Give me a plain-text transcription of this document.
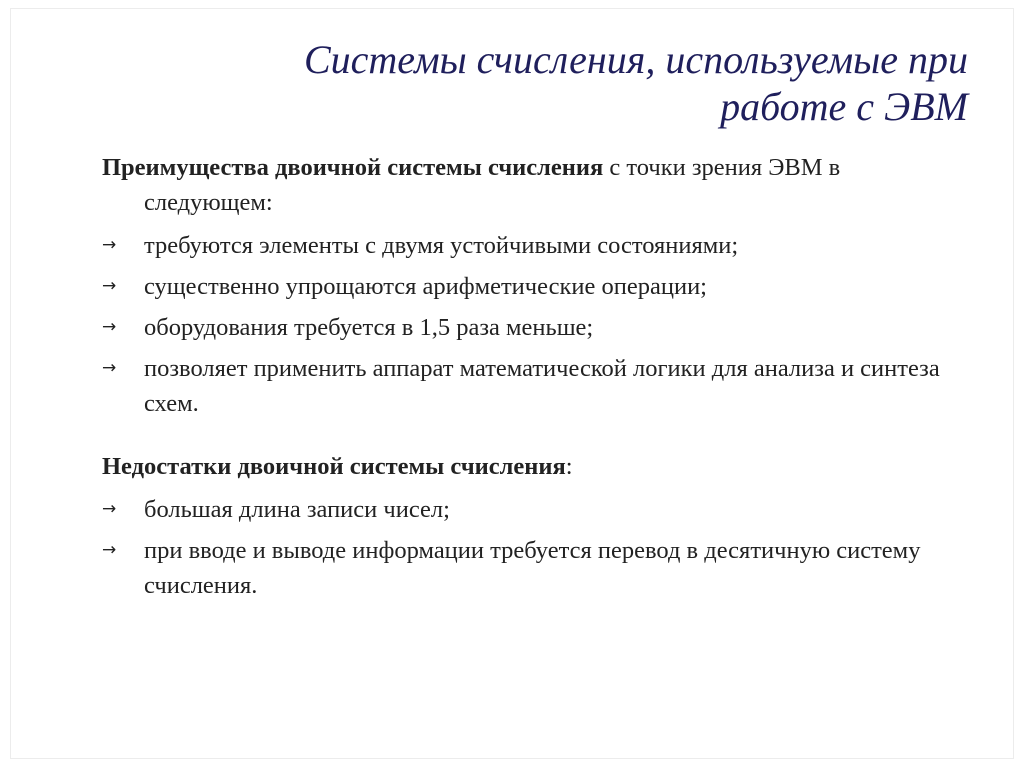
Системы счисления, используемые при
работе с ЭВМ

Преимущества двоичной системы счисления с точки зрения ЭВМ в следующем:

→	требуются элементы с двумя устойчивыми состояниями;
→	существенно упрощаются арифметические операции;
→	оборудования требуется в 1,5 раза меньше;
→	позволяет применить аппарат математической логики для анализа и синтеза схем.

Недостатки двоичной системы счисления:

→	большая длина записи чисел;
→	при вводе и выводе информации требуется перевод в десятичную систему счисления.
